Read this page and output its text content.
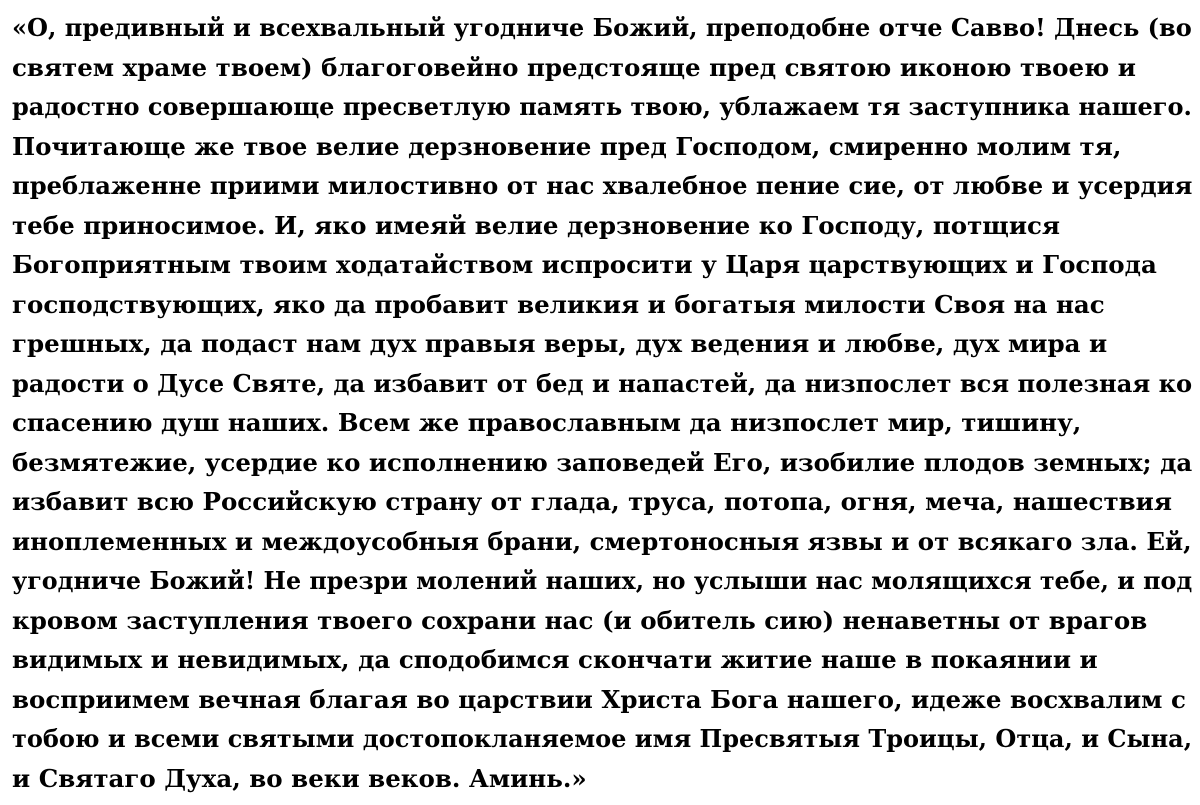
«О, предивный и всехвальный угодниче Божий, преподобне отче Савво! Днесь (во
святем храме твоем) благоговейно предстояще пред святою иконою твоею и
радостно совершающе пресветлую память твою, ублажаем тя заступника нашего.
Почитающе же твое велие дерзновение пред Господом, смиренно молим тя,
преблаженне приими милостивно от нас хвалебное пение сие, от любве и усердия
тебе приносимое. И, яко имеяй велие дерзновение ко Господу, потщися
Богоприятным твоим ходатайством испросити у Царя царствующих и Господа
господствующих, яко да пробавит великия и богатыя милости Своя на нас
грешных, да подаст нам дух правыя веры, дух ведения и любве, дух мира и
радости о Дусе Святе, да избавит от бед и напастей, да низпослет вся полезная ко
спасению душ наших. Всем же православным да низпослет мир, тишину,
безмятежие, усердие ко исполнению заповедей Его, изобилие плодов земных; да
избавит всю Российскую страну от глада, труса, потопа, огня, меча, нашествия
иноплеменных и междоусобныя брани, смертоносныя язвы и от всякаго зла. Ей,
угодниче Божий! Не презри молений наших, но услыши нас молящихся тебе, и под
кровом заступления твоего сохрани нас (и обитель сию) ненаветны от врагов
видимых и невидимых, да сподобимся скончати житие наше в покаянии и
восприимем вечная благая во царствии Христа Бога нашего, идеже восхвалим с
тобою и всеми святыми достопокланяемое имя Пресвятыя Троицы, Отца, и Сына,
и Святаго Духа, во веки веков. Аминь.»
